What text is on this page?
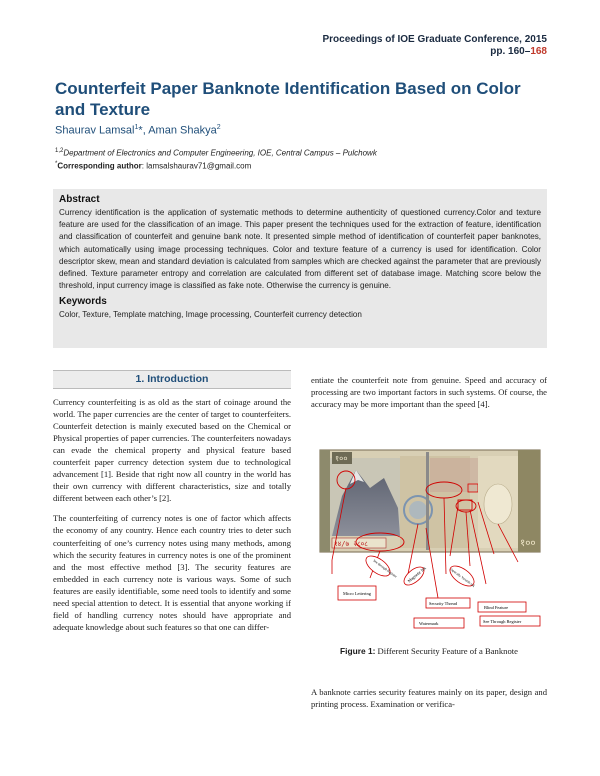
Proceedings of IOE Graduate Conference, 2015
pp. 160–168
Counterfeit Paper Banknote Identification Based on Color and Texture
Shaurav Lamsal$^1$*, Aman Shakya$^2$
$^{1,2}$Department of Electronics and Computer Engineering, IOE, Central Campus – Pulchowk
*Corresponding author: lamsalshaurav71@gmail.com
Abstract

Currency identification is the application of systematic methods to determine authenticity of questioned currency.Color and texture feature are used for the classification of an image. This paper present the techniques used for the extraction of feature, identification and classification of counterfeit and genuine bank note. It presented simple method of identification of counterfeit paper banknotes, which automatically using image processing techniques. Color and texture feature of a currency is used for identification. Color descriptor skew, mean and standard deviation is calculated from samples which are checked against the parameter that are previously defined. Texture parameter entropy and correlation are calculated from different set of database image. Matching score below the threshold, input currency image is classified as fake note. Otherwise the currency is genuine.

Keywords

Color, Texture, Template matching, Image processing, Counterfeit currency detection

1. Introduction

Currency counterfeiting is as old as the start of coinage around the world. The paper currencies are the center of target to counterfeiters. Counterfeit detection is mainly executed based on the Chemical or Physical properties of paper currencies. The counterfeiters nowadays can evade the chemical property and physical feature based counterfeit paper currency detection system due to technological advancement [1]. Beside that right now all country in the world has their own currency with different characteristics, size and totally different between each other’s [2].

The counterfeiting of currency notes is one of factor which affects the economy of any country. Hence each country tries to deter such counterfeiting of one’s currency notes using many methods, among which the security features in currency notes is one of the prominent and the most effective method [3]. The security features are embedded in each currency note is various ways. Some of such features are easily identifiable, some need tools to identify and some need special attention to detect. It is essential that anyone working if field of handling currency notes should have appropriate and adequate knowledge about such features so that one can differ-

entiate the counterfeit note from genuine. Speed and accuracy of processing are two important factors in such systems. Of course, the accuracy may be more important than the speed [4].

१००
१४/७ २८०८	१००
See through Register
Micro Lettering
Magnetic Ink	Optically Variable Ink
Security Thread
Blind Feature
See Through Register
Watermark
Figure 1: Different Security Feature of a Banknote

A banknote carries security features mainly on its paper, design and printing process. Examination or verifica-
